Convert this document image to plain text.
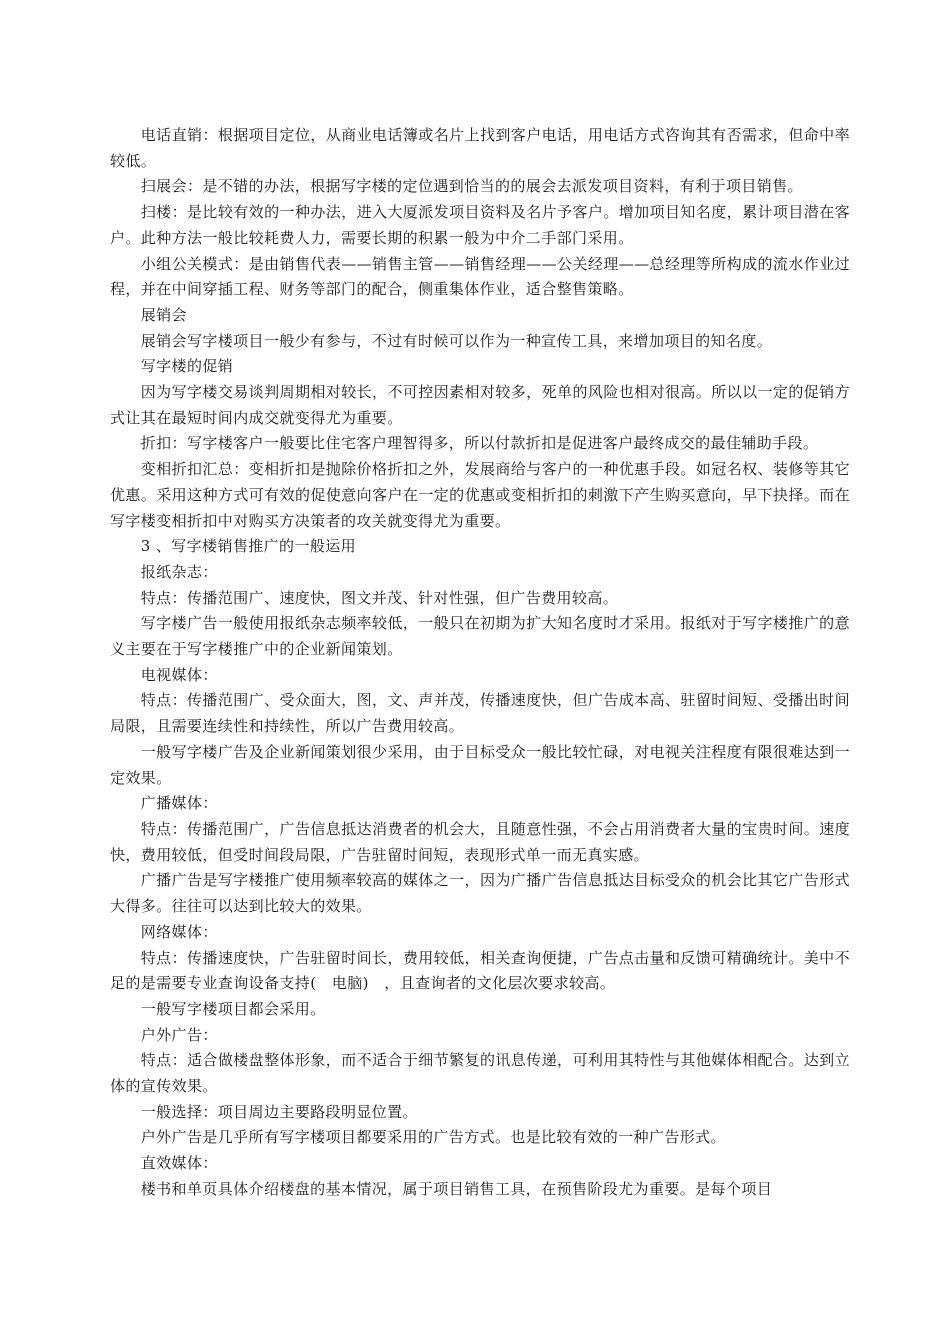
电话直销：根据项目定位，从商业电话簿或名片上找到客户电话，用电话方式咨询其有否需求，但命中率较低。

扫展会：是不错的办法，根据写字楼的定位遇到恰当的的展会去派发项目资料，有利于项目销售。

扫楼：是比较有效的一种办法，进入大厦派发项目资料及名片予客户。增加项目知名度，累计项目潜在客户。此种方法一般比较耗费人力，需要长期的积累一般为中介二手部门采用。

小组公关模式：是由销售代表——销售主管——销售经理——公关经理——总经理等所构成的流水作业过程，并在中间穿插工程、财务等部门的配合，侧重集体作业，适合整售策略。

展销会

展销会写字楼项目一般少有参与，不过有时候可以作为一种宣传工具，来增加项目的知名度。

写字楼的促销

因为写字楼交易谈判周期相对较长，不可控因素相对较多，死单的风险也相对很高。所以以一定的促销方式让其在最短时间内成交就变得尤为重要。

折扣：写字楼客户一般要比住宅客户理智得多，所以付款折扣是促进客户最终成交的最佳辅助手段。

变相折扣汇总：变相折扣是抛除价格折扣之外，发展商给与客户的一种优惠手段。如冠名权、装修等其它优惠。采用这种方式可有效的促使意向客户在一定的优惠或变相折扣的刺激下产生购买意向，早下抉择。而在写字楼变相折扣中对购买方决策者的攻关就变得尤为重要。

3 、写字楼销售推广的一般运用

报纸杂志：

特点：传播范围广、速度快，图文并茂、针对性强，但广告费用较高。

写字楼广告一般使用报纸杂志频率较低，一般只在初期为扩大知名度时才采用。报纸对于写字楼推广的意义主要在于写字楼推广中的企业新闻策划。

电视媒体：

特点：传播范围广、受众面大，图，文、声并茂，传播速度快，但广告成本高、驻留时间短、受播出时间局限，且需要连续性和持续性，所以广告费用较高。

一般写字楼广告及企业新闻策划很少采用，由于目标受众一般比较忙碌，对电视关注程度有限很难达到一定效果。

广播媒体：

特点：传播范围广，广告信息抵达消费者的机会大，且随意性强，不会占用消费者大量的宝贵时间。速度快，费用较低，但受时间段局限，广告驻留时间短，表现形式单一而无真实感。

广播广告是写字楼推广使用频率较高的媒体之一，因为广播广告信息抵达目标受众的机会比其它广告形式大得多。往往可以达到比较大的效果。

网络媒体：

特点：传播速度快，广告驻留时间长，费用较低，相关查询便捷，广告点击量和反馈可精确统计。美中不足的是需要专业查询设备支持(　电脑)　，且查询者的文化层次要求较高。

一般写字楼项目都会采用。

户外广告：

特点：适合做楼盘整体形象，而不适合于细节繁复的讯息传递，可利用其特性与其他媒体相配合。达到立体的宣传效果。

一般选择：项目周边主要路段明显位置。

户外广告是几乎所有写字楼项目都要采用的广告方式。也是比较有效的一种广告形式。

直效媒体：

楼书和单页具体介绍楼盘的基本情况，属于项目销售工具，在预售阶段尤为重要。是每个项目
